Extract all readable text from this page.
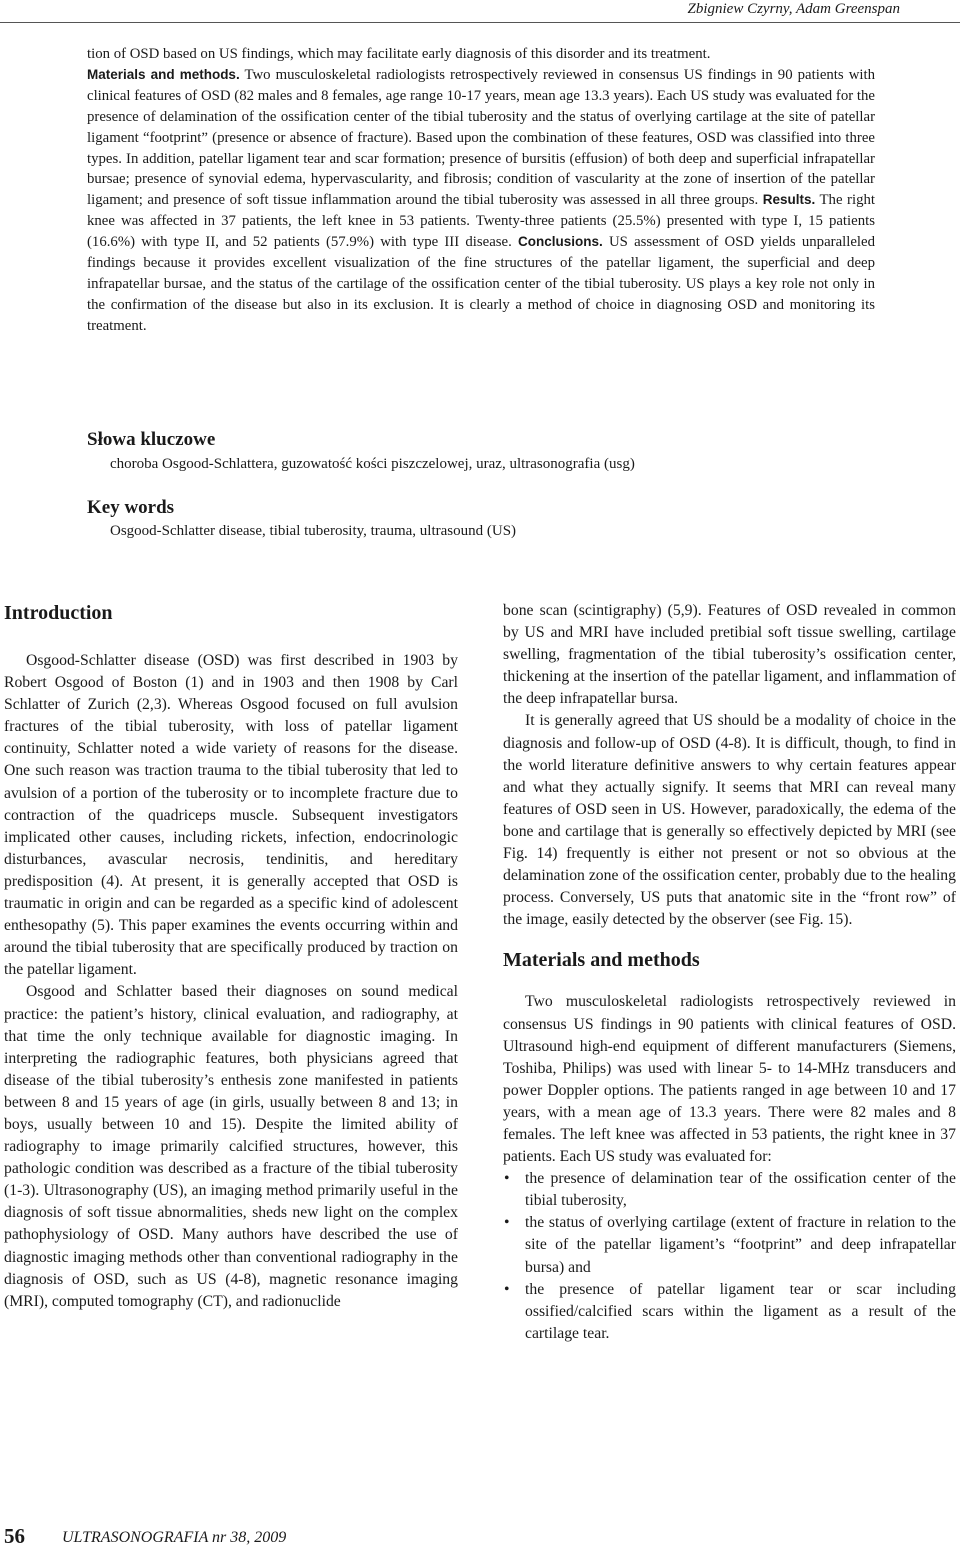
Zbigniew Czyrny, Adam Greenspan

tion of OSD based on US findings, which may facilitate early diagnosis of this disorder and its treatment.
Materials and methods. Two musculoskeletal radiologists retrospectively reviewed in consensus US findings in 90 patients with clinical features of OSD (82 males and 8 females, age range 10-17 years, mean age 13.3 years). Each US study was evaluated for the presence of delamination of the ossification center of the tibial tuberosity and the status of overlying cartilage at the site of patellar ligament “footprint” (presence or absence of fracture). Based upon the combination of these features, OSD was classified into three types. In addition, patellar ligament tear and scar formation; presence of bursitis (effusion) of both deep and superficial infrapatellar bursae; presence of synovial edema, hypervascularity, and fibrosis; condition of vascularity at the zone of insertion of the patellar ligament; and presence of soft tissue inflammation around the tibial tuberosity was assessed in all three groups. Results. The right knee was affected in 37 patients, the left knee in 53 patients. Twenty-three patients (25.5%) presented with type I, 15 patients (16.6%) with type II, and 52 patients (57.9%) with type III disease. Conclusions. US assessment of OSD yields unparalleled findings because it provides excellent visualization of the fine structures of the patellar ligament, the superficial and deep infrapatellar bursae, and the status of the cartilage of the ossification center of the tibial tuberosity. US plays a key role not only in the confirmation of the disease but also in its exclusion. It is clearly a method of choice in diagnosing OSD and monitoring its treatment.

Słowa kluczowe

choroba Osgood-Schlattera, guzowatość kości piszczelowej, uraz, ultrasonografia (usg)

Key words

Osgood-Schlatter disease, tibial tuberosity, trauma, ultrasound (US)

Introduction

Osgood-Schlatter disease (OSD) was first described in 1903 by Robert Osgood of Boston (1) and in 1903 and then 1908 by Carl Schlatter of Zurich (2,3). Whereas Osgood focused on full avulsion fractures of the tibial tuberosity, with loss of patellar ligament continuity, Schlatter noted a wide variety of reasons for the disease. One such reason was traction trauma to the tibial tuberosity that led to avulsion of a portion of the tuberosity or to incomplete fracture due to contraction of the quadriceps muscle. Subsequent investigators implicated other causes, including rickets, infection, endocrinologic disturbances, avascular necrosis, tendinitis, and hereditary predisposition (4). At present, it is generally accepted that OSD is traumatic in origin and can be regarded as a specific kind of adolescent enthesopathy (5). This paper examines the events occurring within and around the tibial tuberosity that are specifically produced by traction on the patellar ligament.

Osgood and Schlatter based their diagnoses on sound medical practice: the patient’s history, clinical evaluation, and radiography, at that time the only technique available for diagnostic imaging. In interpreting the radiographic features, both physicians agreed that disease of the tibial tuberosity’s enthesis zone manifested in patients between 8 and 15 years of age (in girls, usually between 8 and 13; in boys, usually between 10 and 15). Despite the limited ability of radiography to image primarily calcified structures, however, this pathologic condition was described as a fracture of the tibial tuberosity (1-3). Ultrasonography (US), an imaging method primarily useful in the diagnosis of soft tissue abnormalities, sheds new light on the complex pathophysiology of OSD. Many authors have described the use of diagnostic imaging methods other than conventional radiography in the diagnosis of OSD, such as US (4-8), magnetic resonance imaging (MRI), computed tomography (CT), and radionuclide

bone scan (scintigraphy) (5,9). Features of OSD revealed in common by US and MRI have included pretibial soft tissue swelling, cartilage swelling, fragmentation of the tibial tuberosity’s ossification center, thickening at the insertion of the patellar ligament, and inflammation of the deep infrapatellar bursa.

It is generally agreed that US should be a modality of choice in the diagnosis and follow-up of OSD (4-8). It is difficult, though, to find in the world literature definitive answers to why certain features appear and what they actually signify. It seems that MRI can reveal many features of OSD seen in US. However, paradoxically, the edema of the bone and cartilage that is generally so effectively depicted by MRI (see Fig. 14) frequently is either not present or not so obvious at the delamination zone of the ossification center, probably due to the healing process. Conversely, US puts that anatomic site in the “front row” of the image, easily detected by the observer (see Fig. 15).

Materials and methods

Two musculoskeletal radiologists retrospectively reviewed in consensus US findings in 90 patients with clinical features of OSD. Ultrasound high-end equipment of different manufacturers (Siemens, Toshiba, Philips) was used with linear 5- to 14-MHz transducers and power Doppler options. The patients ranged in age between 10 and 17 years, with a mean age of 13.3 years. There were 82 males and 8 females. The left knee was affected in 53 patients, the right knee in 37 patients. Each US study was evaluated for:

• the presence of delamination tear of the ossification center of the tibial tuberosity,
• the status of overlying cartilage (extent of fracture in relation to the site of the patellar ligament’s “footprint” and deep infrapatellar bursa) and
• the presence of patellar ligament tear or scar including ossified/calcified scars within the ligament as a result of the cartilage tear.
56 ULTRASONOGRAFIA nr 38, 2009
